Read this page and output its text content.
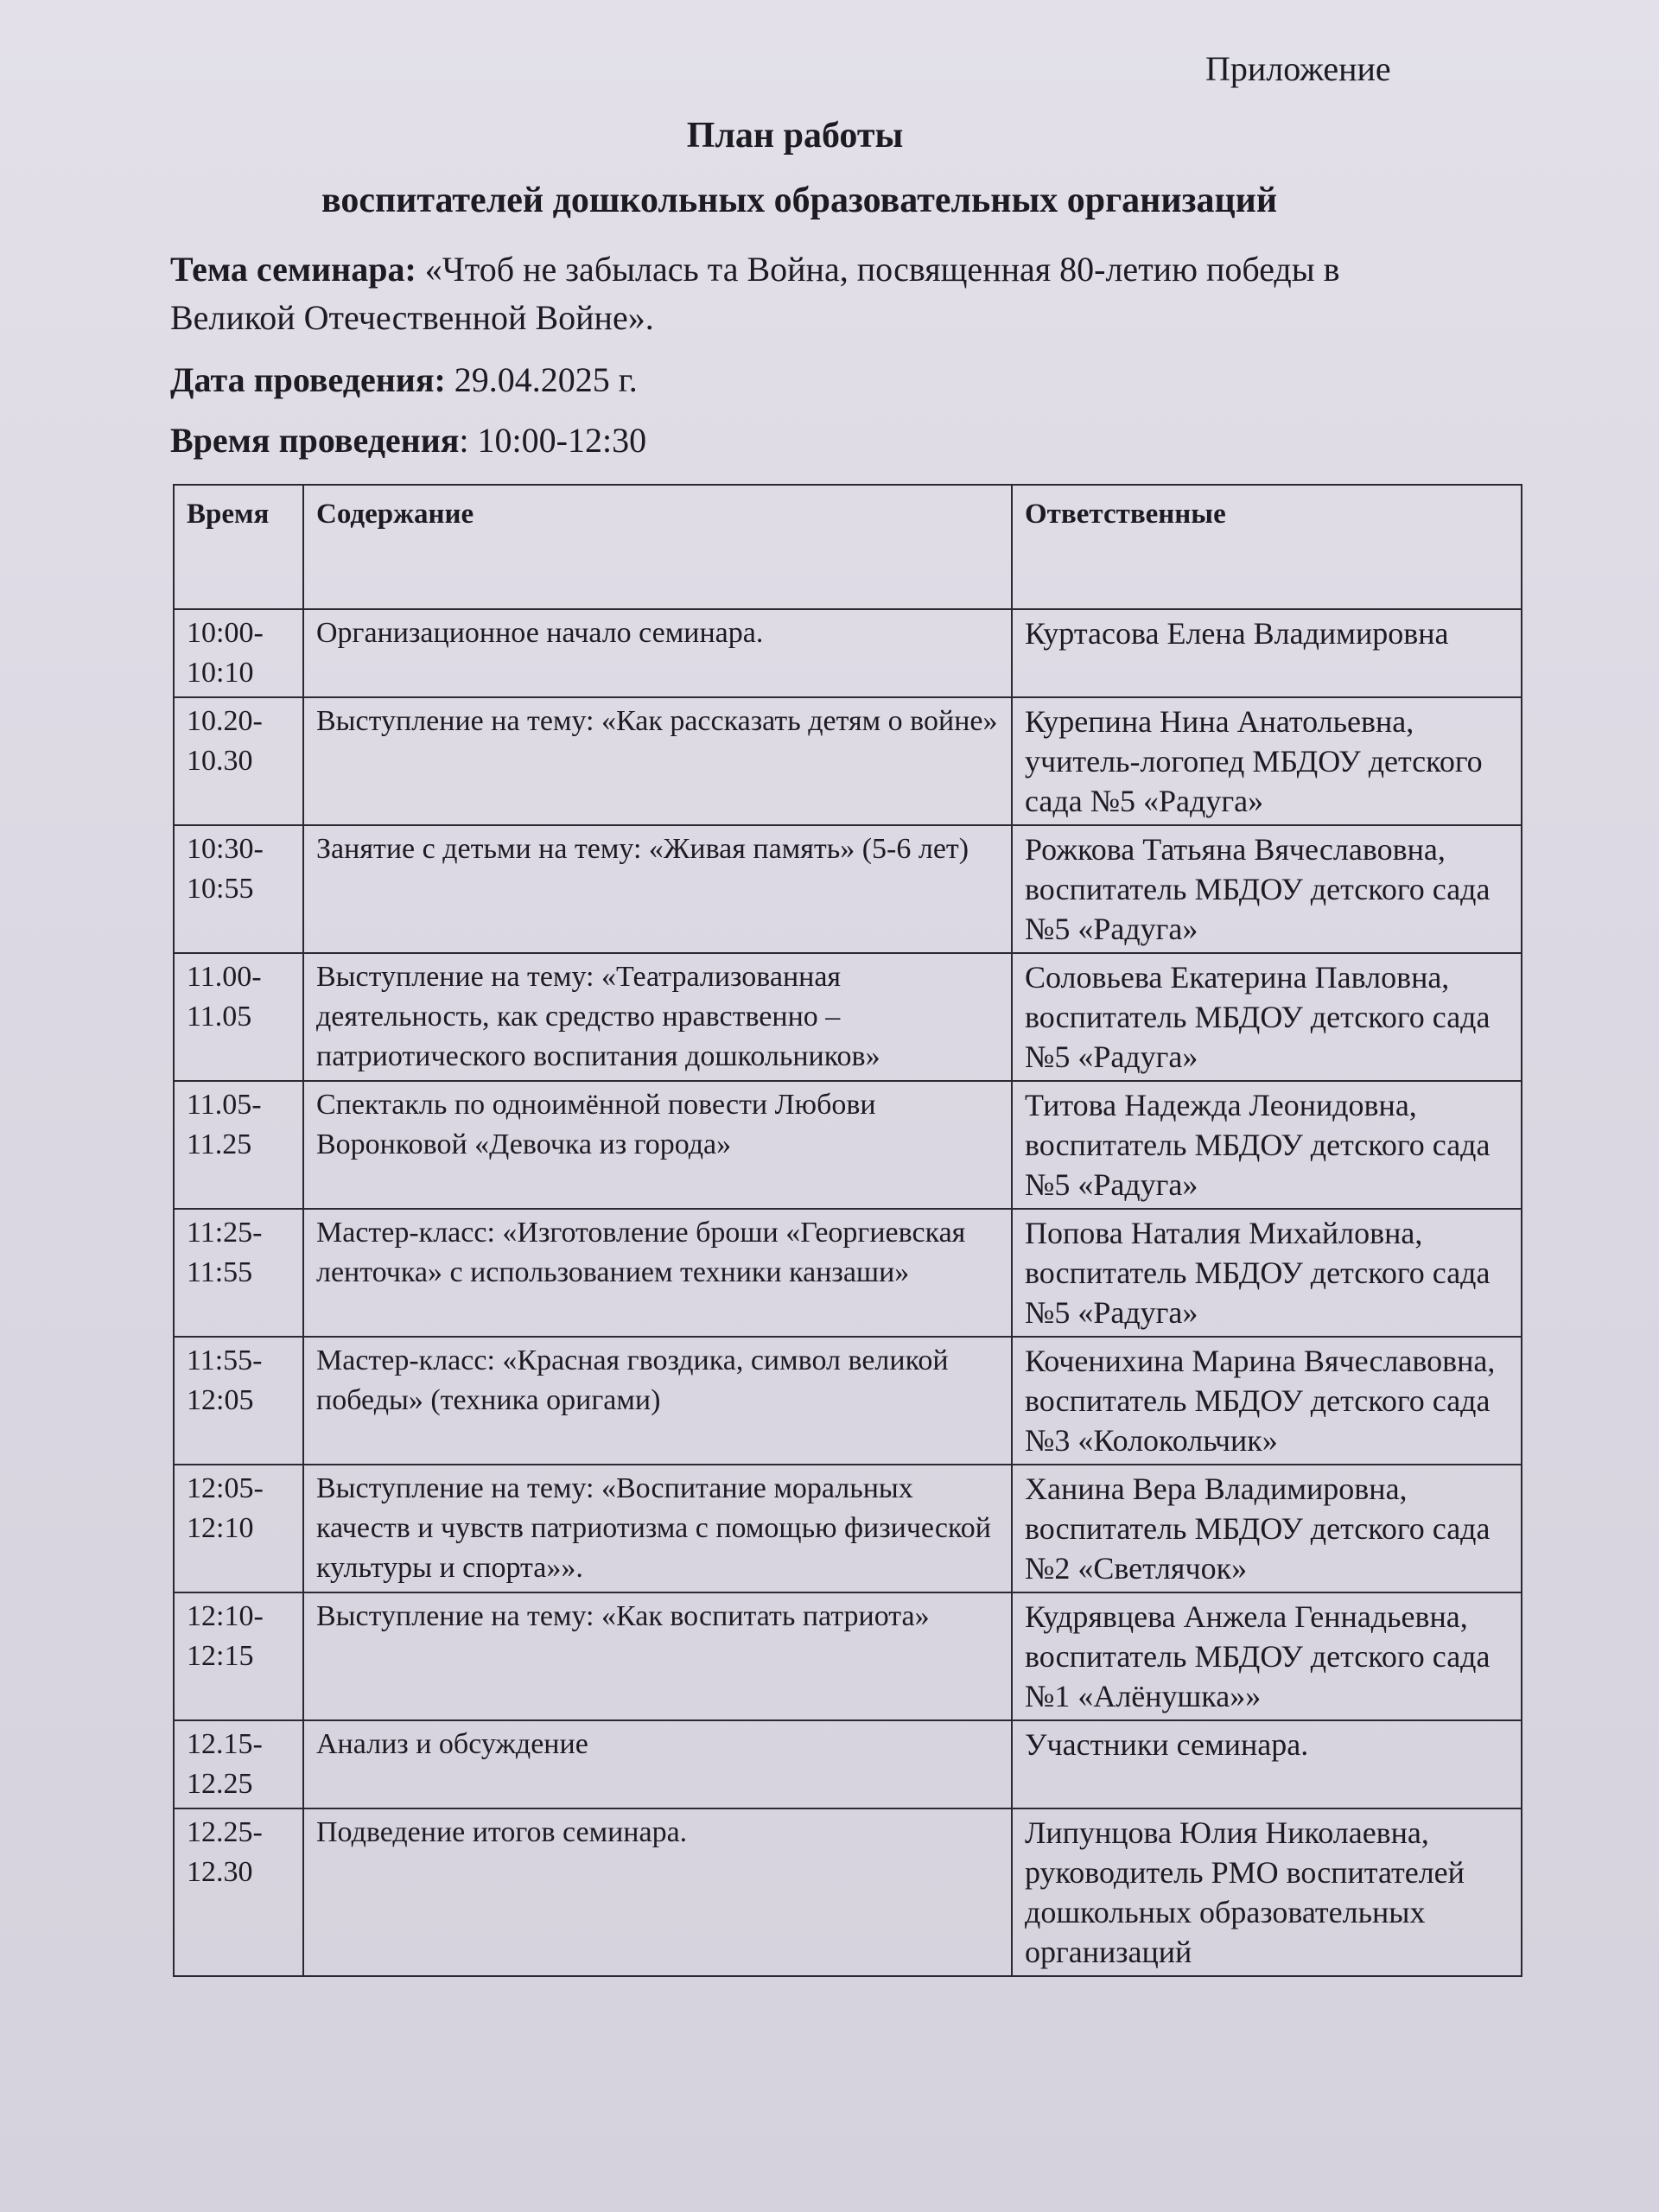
Приложение
План работы
воспитателей дошкольных образовательных организаций
Тема семинара: «Чтоб не забылась та Война, посвященная 80-летию победы в Великой Отечественной Войне».
Дата проведения: 29.04.2025 г.
Время проведения: 10:00-12:30
Время	Содержание	Ответственные
10:00-10:10	Организационное начало семинара.	Куртасова Елена Владимировна
10.20-10.30	Выступление на тему: «Как рассказать детям о войне»	Курепина Нина Анатольевна, учитель-логопед МБДОУ детского сада №5 «Радуга»
10:30-10:55	Занятие с детьми на тему: «Живая память» (5-6 лет)	Рожкова Татьяна Вячеславовна, воспитатель МБДОУ детского сада №5 «Радуга»
11.00-11.05	Выступление на тему: «Театрализованная деятельность, как средство нравственно – патриотического воспитания дошкольников»	Соловьева Екатерина Павловна, воспитатель МБДОУ детского сада №5 «Радуга»
11.05-11.25	Спектакль по одноимённой повести Любови Воронковой «Девочка из города»	Титова Надежда Леонидовна, воспитатель МБДОУ детского сада №5 «Радуга»
11:25-11:55	Мастер-класс: «Изготовление броши «Георгиевская ленточка» с использованием техники канзаши»	Попова Наталия Михайловна, воспитатель МБДОУ детского сада №5 «Радуга»
11:55-12:05	Мастер-класс: «Красная гвоздика, символ великой победы» (техника оригами)	Коченихина Марина Вячеславовна, воспитатель МБДОУ детского сада №3 «Колокольчик»
12:05-12:10	Выступление на тему: «Воспитание моральных качеств и чувств патриотизма с помощью физической культуры и спорта»».	Ханина Вера Владимировна, воспитатель МБДОУ детского сада №2 «Светлячок»
12:10-12:15	Выступление на тему: «Как воспитать патриота»	Кудрявцева Анжела Геннадьевна, воспитатель МБДОУ детского сада №1 «Алёнушка»»
12.15-12.25	Анализ и обсуждение	Участники семинара.
12.25-12.30	Подведение итогов семинара.	Липунцова Юлия Николаевна, руководитель РМО воспитателей дошкольных образовательных организаций
